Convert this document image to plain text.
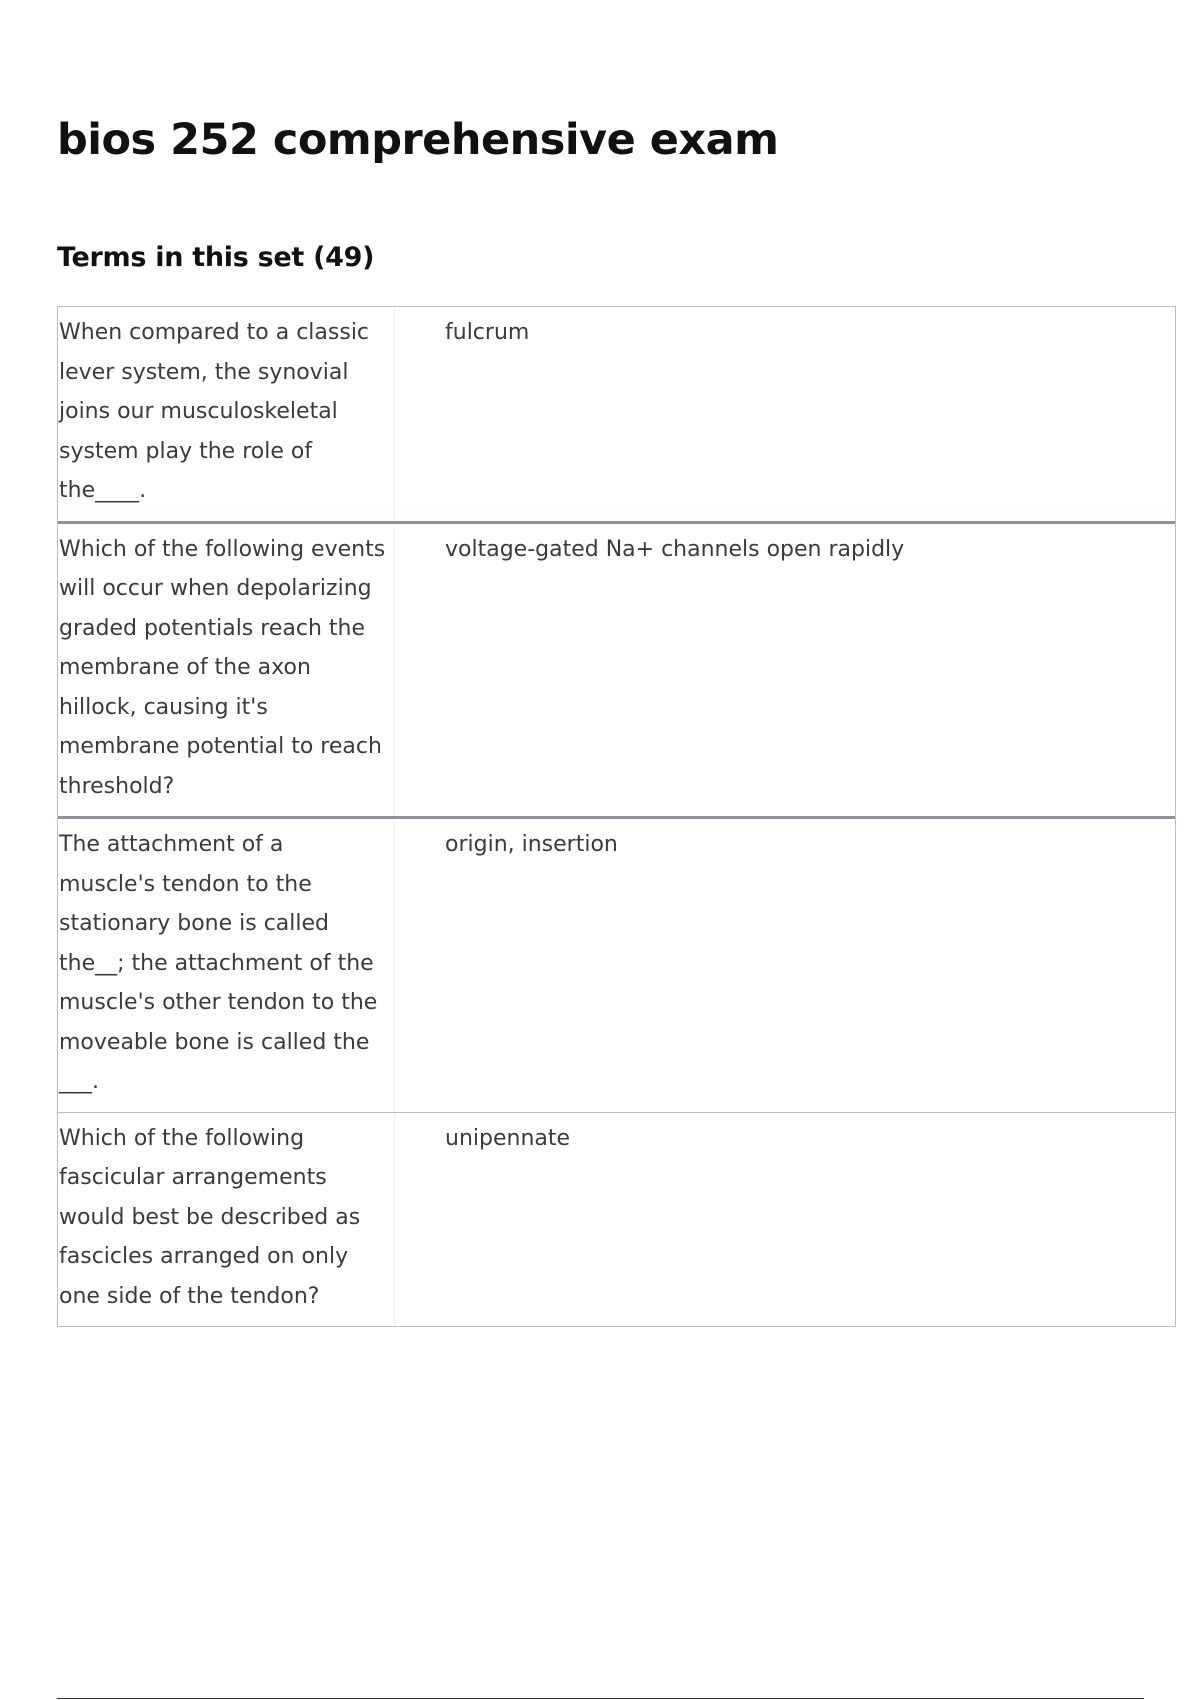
bios 252 comprehensive exam
Terms in this set (49)
When compared to a classic lever system, the synovial joins our musculoskeletal system play the role of the____.
fulcrum
Which of the following events will occur when depolarizing graded potentials reach the membrane of the axon hillock, causing it's membrane potential to reach threshold?
voltage-gated Na+ channels open rapidly
The attachment of a muscle's tendon to the stationary bone is called the__; the attachment of the muscle's other tendon to the moveable bone is called the ___.
origin, insertion
Which of the following fascicular arrangements would best be described as fascicles arranged on only one side of the tendon?
unipennate
